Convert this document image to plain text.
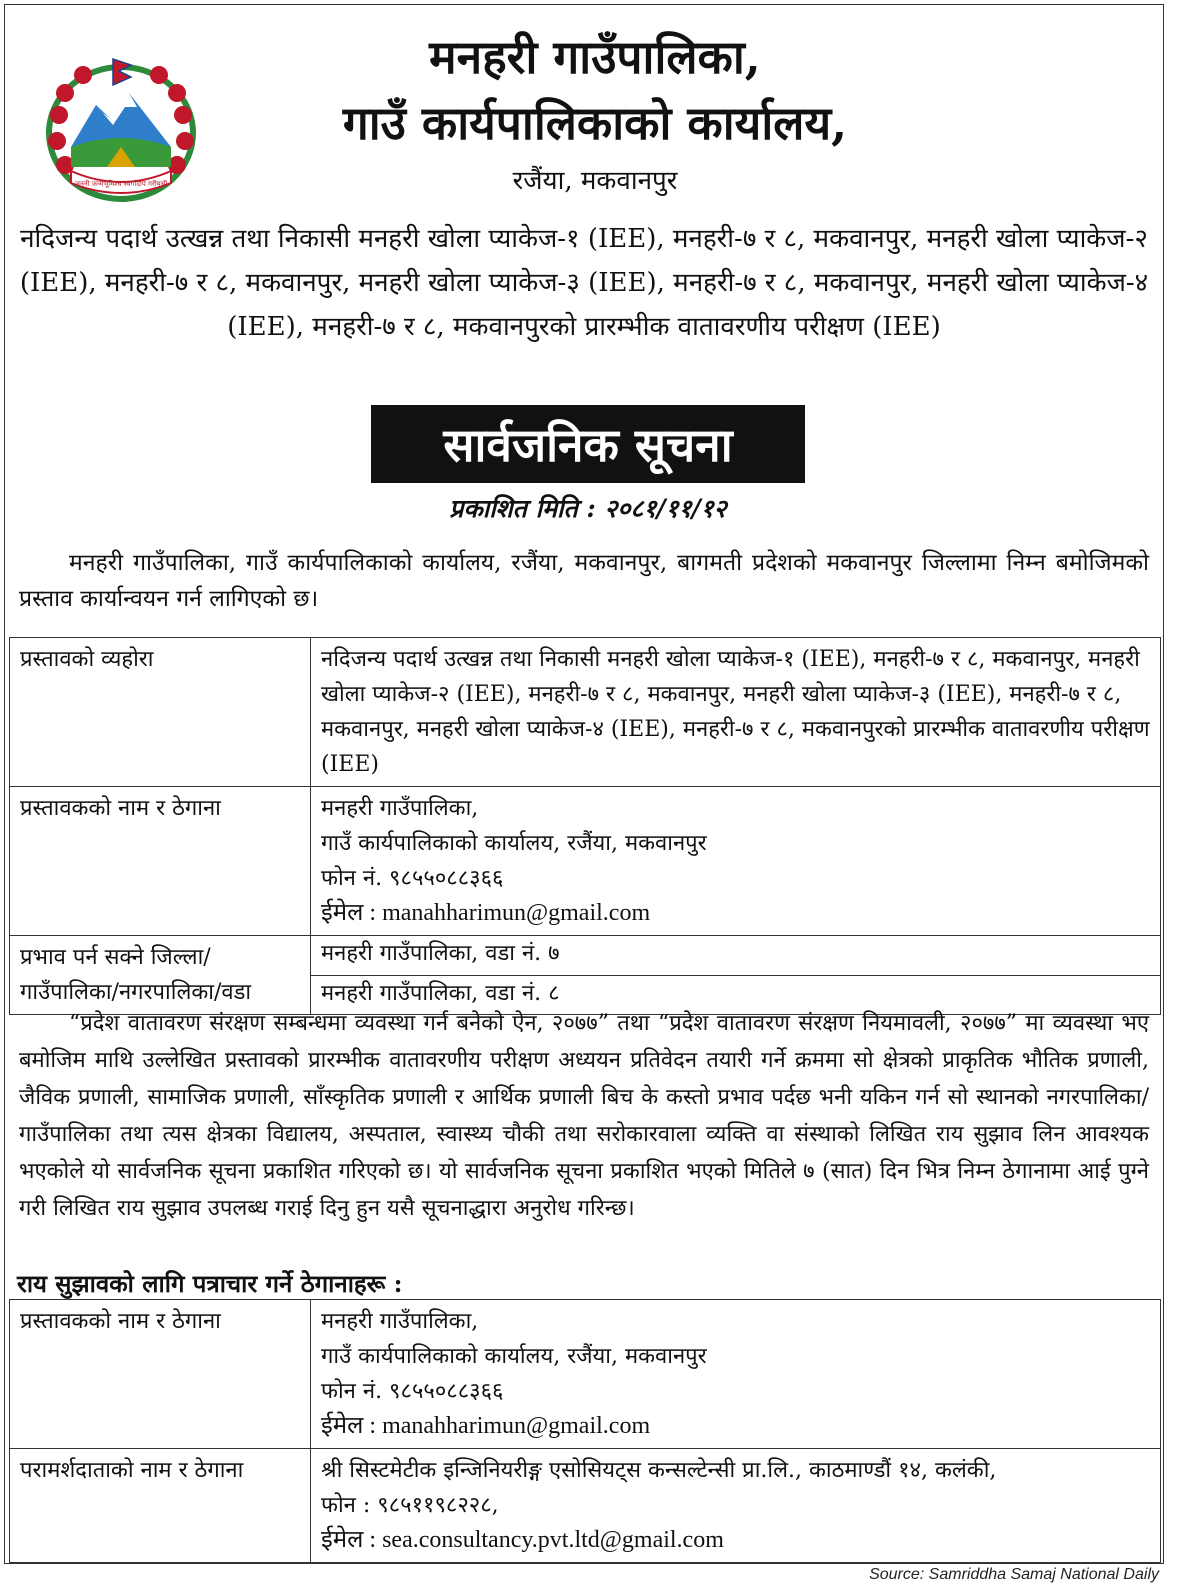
जननी जन्मभूमिश्च स्वर्गादपि गरीयसी
मनहरी गाउँपालिका,
गाउँ कार्यपालिकाको कार्यालय,
रजैंया, मकवानपुर
नदिजन्य पदार्थ उत्खन्न तथा निकासी मनहरी खोला प्याकेज-१ (IEE), मनहरी-७ र ८, मकवानपुर, मनहरी खोला प्याकेज-२ (IEE), मनहरी-७ र ८, मकवानपुर, मनहरी खोला प्याकेज-३ (IEE), मनहरी-७ र ८, मकवानपुर, मनहरी खोला प्याकेज-४ (IEE), मनहरी-७ र ८, मकवानपुरको प्रारम्भीक वातावरणीय परीक्षण (IEE)
सार्वजनिक सूचना
प्रकाशित मिति : २०८१/११/१२
मनहरी गाउँपालिका, गाउँ कार्यपालिकाको कार्यालय, रजैंया, मकवानपुर, बागमती प्रदेशको मकवानपुर जिल्लामा निम्न बमोजिमको प्रस्ताव कार्यान्वयन गर्न लागिएको छ।
प्रस्तावको व्यहोरा	नदिजन्य पदार्थ उत्खन्न तथा निकासी मनहरी खोला प्याकेज-१ (IEE), मनहरी-७ र ८, मकवानपुर, मनहरी खोला प्याकेज-२ (IEE), मनहरी-७ र ८, मकवानपुर, मनहरी खोला प्याकेज-३ (IEE), मनहरी-७ र ८, मकवानपुर, मनहरी खोला प्याकेज-४ (IEE), मनहरी-७ र ८, मकवानपुरको प्रारम्भीक वातावरणीय परीक्षण (IEE)
प्रस्तावकको नाम र ठेगाना	मनहरी गाउँपालिका,
गाउँ कार्यपालिकाको कार्यालय, रजैंया, मकवानपुर
फोन नं. ९८५५०८८३६६
ईमेल : manahharimun@gmail.com

प्रभाव पर्न सक्ने जिल्ला/
गाउँपालिका/नगरपालिका/वडा	मनहरी गाउँपालिका, वडा नं. ७
	मनहरी गाउँपालिका, वडा नं. ८
“प्रदेश वातावरण संरक्षण सम्बन्धमा व्यवस्था गर्न बनेको ऐन, २०७७” तथा “प्रदेश वातावरण संरक्षण नियमावली, २०७७” मा व्यवस्था भए बमोजिम माथि उल्लेखित प्रस्तावको प्रारम्भीक वातावरणीय परीक्षण अध्ययन प्रतिवेदन तयारी गर्ने क्रममा सो क्षेत्रको प्राकृतिक भौतिक प्रणाली, जैविक प्रणाली, सामाजिक प्रणाली, साँस्कृतिक प्रणाली र आर्थिक प्रणाली बिच के कस्तो प्रभाव पर्दछ भनी यकिन गर्न सो स्थानको नगरपालिका/गाउँपालिका तथा त्यस क्षेत्रका विद्यालय, अस्पताल, स्वास्थ्य चौकी तथा सरोकारवाला व्यक्ति वा संस्थाको लिखित राय सुझाव लिन आवश्यक भएकोले यो सार्वजनिक सूचना प्रकाशित गरिएको छ। यो सार्वजनिक सूचना प्रकाशित भएको मितिले ७ (सात) दिन भित्र निम्न ठेगानामा आई पुग्ने गरी लिखित राय सुझाव उपलब्ध गराई दिनु हुन यसै सूचनाद्धारा अनुरोध गरिन्छ।
राय सुझावको लागि पत्राचार गर्ने ठेगानाहरू :
प्रस्तावकको नाम र ठेगाना	मनहरी गाउँपालिका,
गाउँ कार्यपालिकाको कार्यालय, रजैंया, मकवानपुर
फोन नं. ९८५५०८८३६६
ईमेल : manahharimun@gmail.com

परामर्शदाताको नाम र ठेगाना	श्री सिस्टमेटीक इन्जिनियरीङ्ग एसोसियट्स कन्सल्टेन्सी प्रा.लि., काठमाण्डौं १४, कलंकी,
फोन : ९८५११९८२२८,
ईमेल : sea.consultancy.pvt.ltd@gmail.com
Source: Samriddha Samaj National Daily
